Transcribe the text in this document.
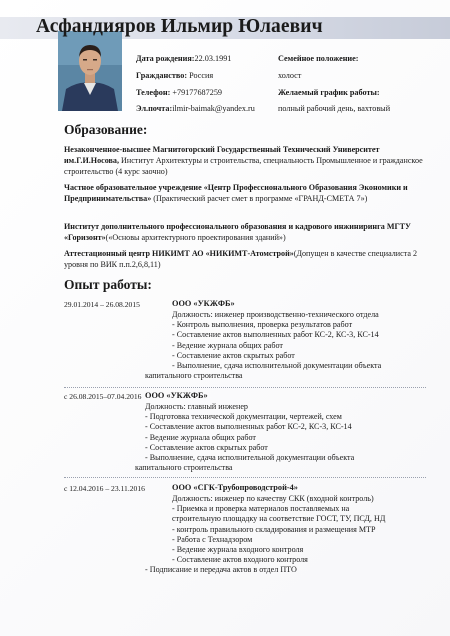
Асфандияров Ильмир Юлаевич
Дата рождения:22.03.1991	Семейное положение:
Гражданство: Россия	холост
Телефон: +79177687259	Желаемый график работы:
Эл.почта:ilmir-baimak@yandex.ru	полный рабочий день, вахтовый
Образование:
Незаконченное-высшее Магнитогорский Государственный Технический Университет им.Г.И.Носова, Институт Архитектуры и строительства, специальность Промышленное и гражданское строительство (4 курс заочно)
Частное образовательное учреждение «Центр Профессионального Образования Экономики и Предпринимательства» (Практический расчет смет в программе «ГРАНД-СМЕТА 7»)
Институт дополнительного профессионального образования и кадрового инжиниринга МГТУ «Горизонт»(«Основы архитектурного проектирования зданий»)
Аттестационный центр НИКИМТ АО «НИКИМТ-Атомстрой»(Допущен в качестве специалиста 2 уровня по ВИК п.п.2,6,8,11)
Опыт работы:
29.01.2014 – 26.08.2015	ООО «УКЖФБ»
Должность: инженер производственно-технического отдела
- Контроль выполнения, проверка результатов работ
- Составление актов выполненных работ КС-2, КС-3, КС-14
- Ведение журнала общих работ
- Составление актов скрытых работ
- Выполнение, сдача исполнительной документации объекта
капитального строительства
с 26.08.2015–07.04.2016 ООО «УКЖФБ»
Должность: главный инженер
- Подготовка технической документации, чертежей, схем
- Составление актов выполненных работ КС-2, КС-3, КС-14
- Ведение журнала общих работ
- Составление актов скрытых работ
- Выполнение, сдача исполнительной документации объекта
капитального строительства
с 12.04.2016 – 23.11.2016	ООО «СГК-Трубопроводстрой-4»
Должность: инженер по качеству СКК (входной контроль)
- Приемка и проверка материалов поставляемых на
строительную площадку на соответствие ГОСТ, ТУ, ПСД, НД
- контроль правильного складирования и размещения МТР
- Работа с Технадзором
- Ведение журнала входного контроля
- Составление актов входного контроля
- Подписание и передача актов в отдел ПТО
